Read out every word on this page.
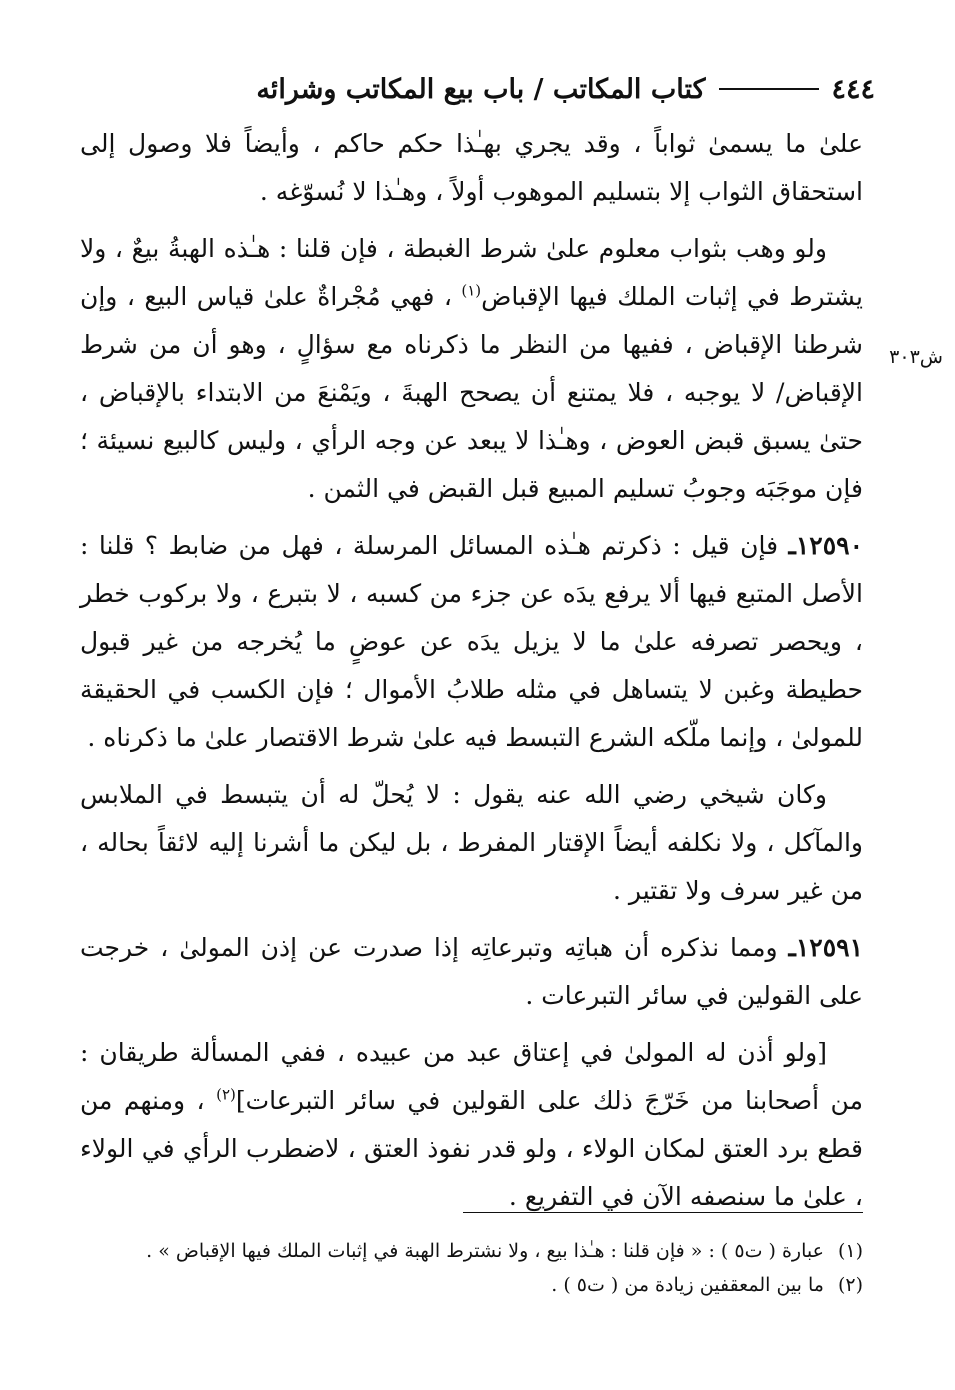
٤٤٤
كتاب المكاتب / باب بيع المكاتب وشرائه
ش٣٠٣

علىٰ ما يسمىٰ ثواباً ، وقد يجري بهـٰذا حكم حاكم ، وأيضاً فلا وصول إلى استحقاق الثواب إلا بتسليم الموهوب أولاً ، وهـٰذا لا نُسوّغه .

ولو وهب بثواب معلوم علىٰ شرط الغبطة ، فإن قلنا : هـٰذه الهبةُ بيعٌ ، ولا يشترط في إثبات الملك فيها الإقباض$^{(١)}$ ، فهي مُجْراةٌ علىٰ قياس البيع ، وإن شرطنا الإقباض ، ففيها من النظر ما ذكرناه مع سؤالٍ ، وهو أن من شرط الإقباض/ لا يوجبه ، فلا يمتنع أن يصحح الهبةَ ، ويَمْنعَ من الابتداء بالإقباض ، حتىٰ يسبق قبض العوض ، وهـٰذا لا يبعد عن وجه الرأي ، وليس كالبيع نسيئة ؛ فإن موجَبَه وجوبُ تسليم المبيع قبل القبض في الثمن .

١٢٥٩٠ـ فإن قيل : ذكرتم هـٰذه المسائل المرسلة ، فهل من ضابط ؟ قلنا : الأصل المتبع فيها ألا يرفع يدَه عن جزء من كسبه ، لا بتبرع ، ولا بركوب خطر ، ويحصر تصرفه علىٰ ما لا يزيل يدَه عن عوضٍ ما يُخرجه من غير قبول حطيطة وغبن لا يتساهل في مثله طلابُ الأموال ؛ فإن الكسب في الحقيقة للمولىٰ ، وإنما ملّكه الشرع التبسط فيه علىٰ شرط الاقتصار علىٰ ما ذكرناه .

وكان شيخي رضي الله عنه يقول : لا يُحلّ له أن يتبسط في الملابس والمآكل ، ولا نكلفه أيضاً الإقتار المفرط ، بل ليكن ما أشرنا إليه لائقاً بحاله ، من غير سرف ولا تقتير .

١٢٥٩١ـ ومما نذكره أن هباتِه وتبرعاتِه إذا صدرت عن إذن المولىٰ ، خرجت على القولين في سائر التبرعات .

[ولو أذن له المولىٰ في إعتاق عبد من عبيده ، ففي المسألة طريقان : من أصحابنا من خَرّجَ ذلك على القولين في سائر التبرعات]$^{(٢)}$ ، ومنهم من قطع برد العتق لمكان الولاء ، ولو قدر نفوذ العتق ، لاضطرب الرأي في الولاء ، علىٰ ما سنصفه الآن في التفريع .

(١)عبارة ( ت٥ ) : « فإن قلنا : هـٰذا بيع ، ولا نشترط الهبة في إثبات الملك فيها الإقباض » .

(٢)ما بين المعقفين زيادة من ( ت٥ ) .
